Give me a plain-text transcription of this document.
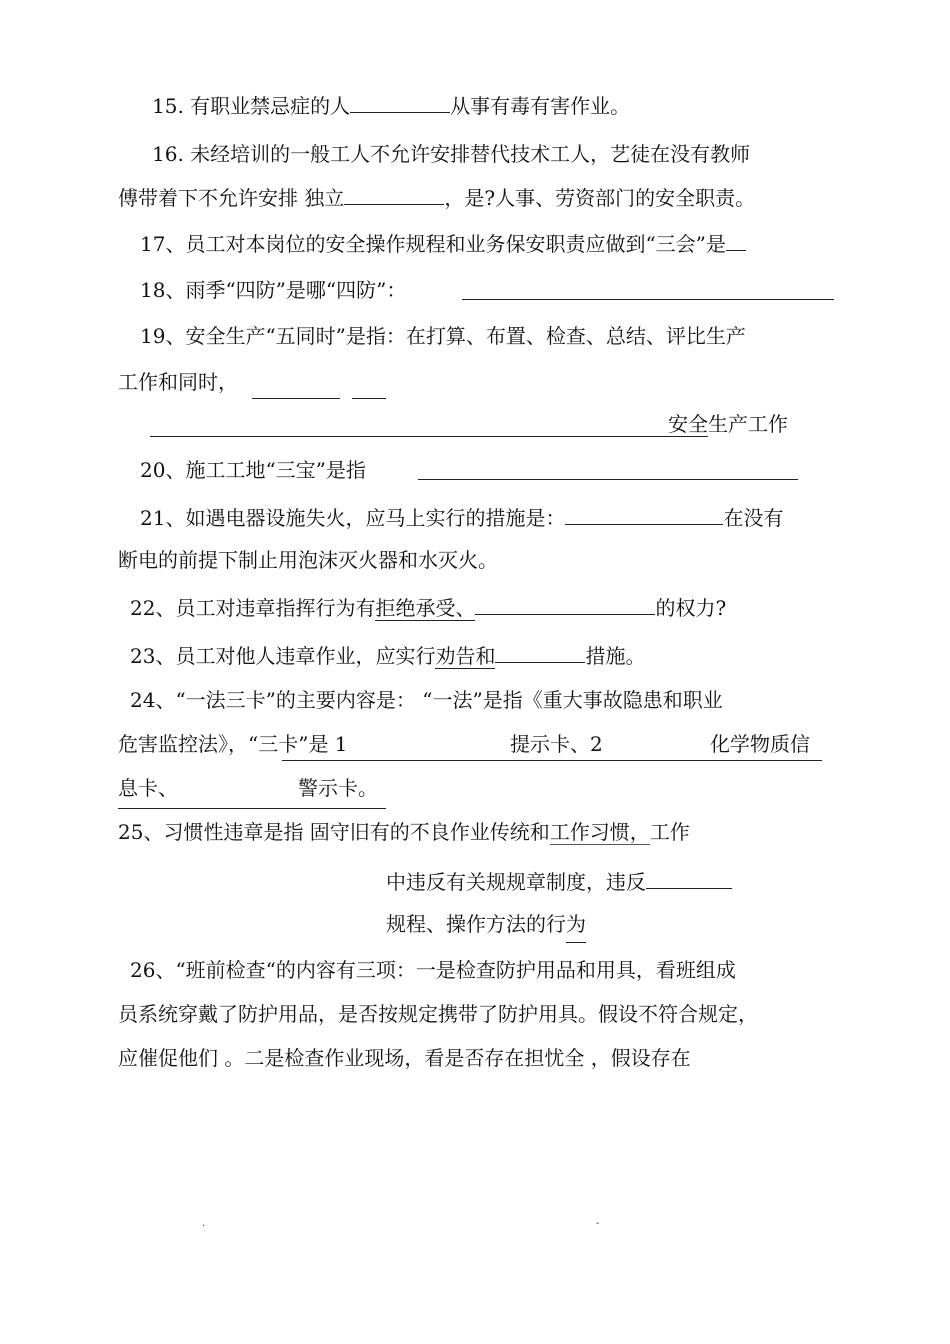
15. 有职业禁忌症的人	从事有毒有害作业。
16. 未经培训的一般工人不允许安排替代技术工人，艺徒在没有教师
傅带着下不允许安排 独立	，是?人事、劳资部门的安全职责。
17、员工对本岗位的安全操作规程和业务保安职责应做到“三会”是
18、雨季“四防”是哪“四防”：
19、安全生产“五同时”是指：在打算、布置、检查、总结、评比生产
工作和同时，
安全生产工作
20、施工工地“三宝”是指
21、如遇电器设施失火，应马上实行的措施是：	在没有
断电的前提下制止用泡沫灭火器和水灭火。
22、员工对违章指挥行为有拒绝承受、	的权力?
23、员工对他人违章作业，应实行劝告和	措施。
24、“一法三卡”的主要内容是： “一法”是指《重大事故隐患和职业
危害监控法》，“三卡”是 1	提示卡、2	化学物质信
息卡、	警示卡。
25、习惯性违章是指 固守旧有的不良作业传统和工作习惯，工作
中违反有关规规章制度，违反
规程、操作方法的行为
26、“班前检查“的内容有三项：一是检查防护用品和用具，看班组成
员系统穿戴了防护用品，是否按规定携带了防护用具。假设不符合规定，
应催促他们 。二是检查作业现场，看是否存在担忧全 ，假设存在
.	-
